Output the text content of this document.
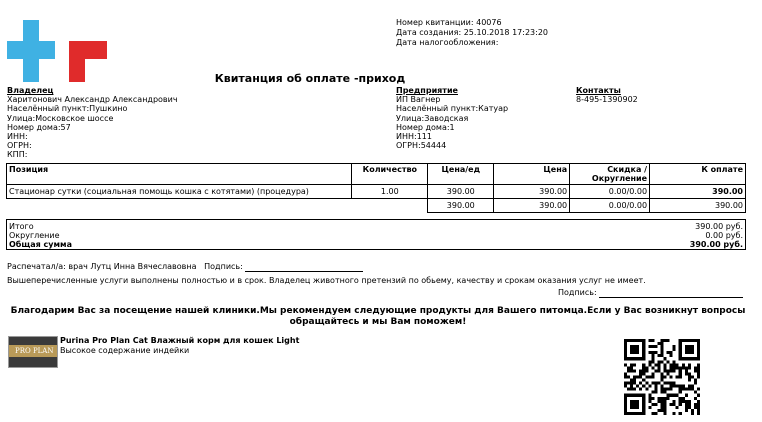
Номер квитанции: 40076
Дата создания: 25.10.2018 17:23:20
Дата налогообложения:
Квитанция об оплате -приход
Владелец
Харитонович Александр Александрович
Населённый пункт:Пушкино
Улица:Московское шоссе
Номер дома:57
ИНН:
ОГРН:
КПП:
Предприятие
ИП Вагнер
Населённый пункт:Катуар
Улица:Заводская
Номер дома:1
ИНН:111
ОГРН:54444
Контакты
8-495-1390902
Позиция	Количество	Цена/ед	Цена	Скидка / Округление	К оплате
Стационар сутки (социальная помощь кошка с котятами) (процедура)	1.00	390.00	390.00	0.00/0.00	390.00
		390.00	390.00	0.00/0.00	390.00
Итого	390.00 руб.
Округление	0.00 руб.
Общая сумма	390.00 руб.
Распечатал/а: врач Лутц Инна Вячеславовна Подпись:
Вышеперечисленные услуги выполнены полностью и в срок. Владелец животного претензий по обьему, качеству и срокам оказания услуг не имеет.
Подпись:
Благодарим Вас за посещение нашей клиники.Мы рекомендуем следующие продукты для Вашего питомца.Если у Вас возникнут вопросы обращайтесь и мы Вам поможем!
PRO PLAN
Purina Pro Plan Cat Влажный корм для кошек Light
Высокое содержание индейки
